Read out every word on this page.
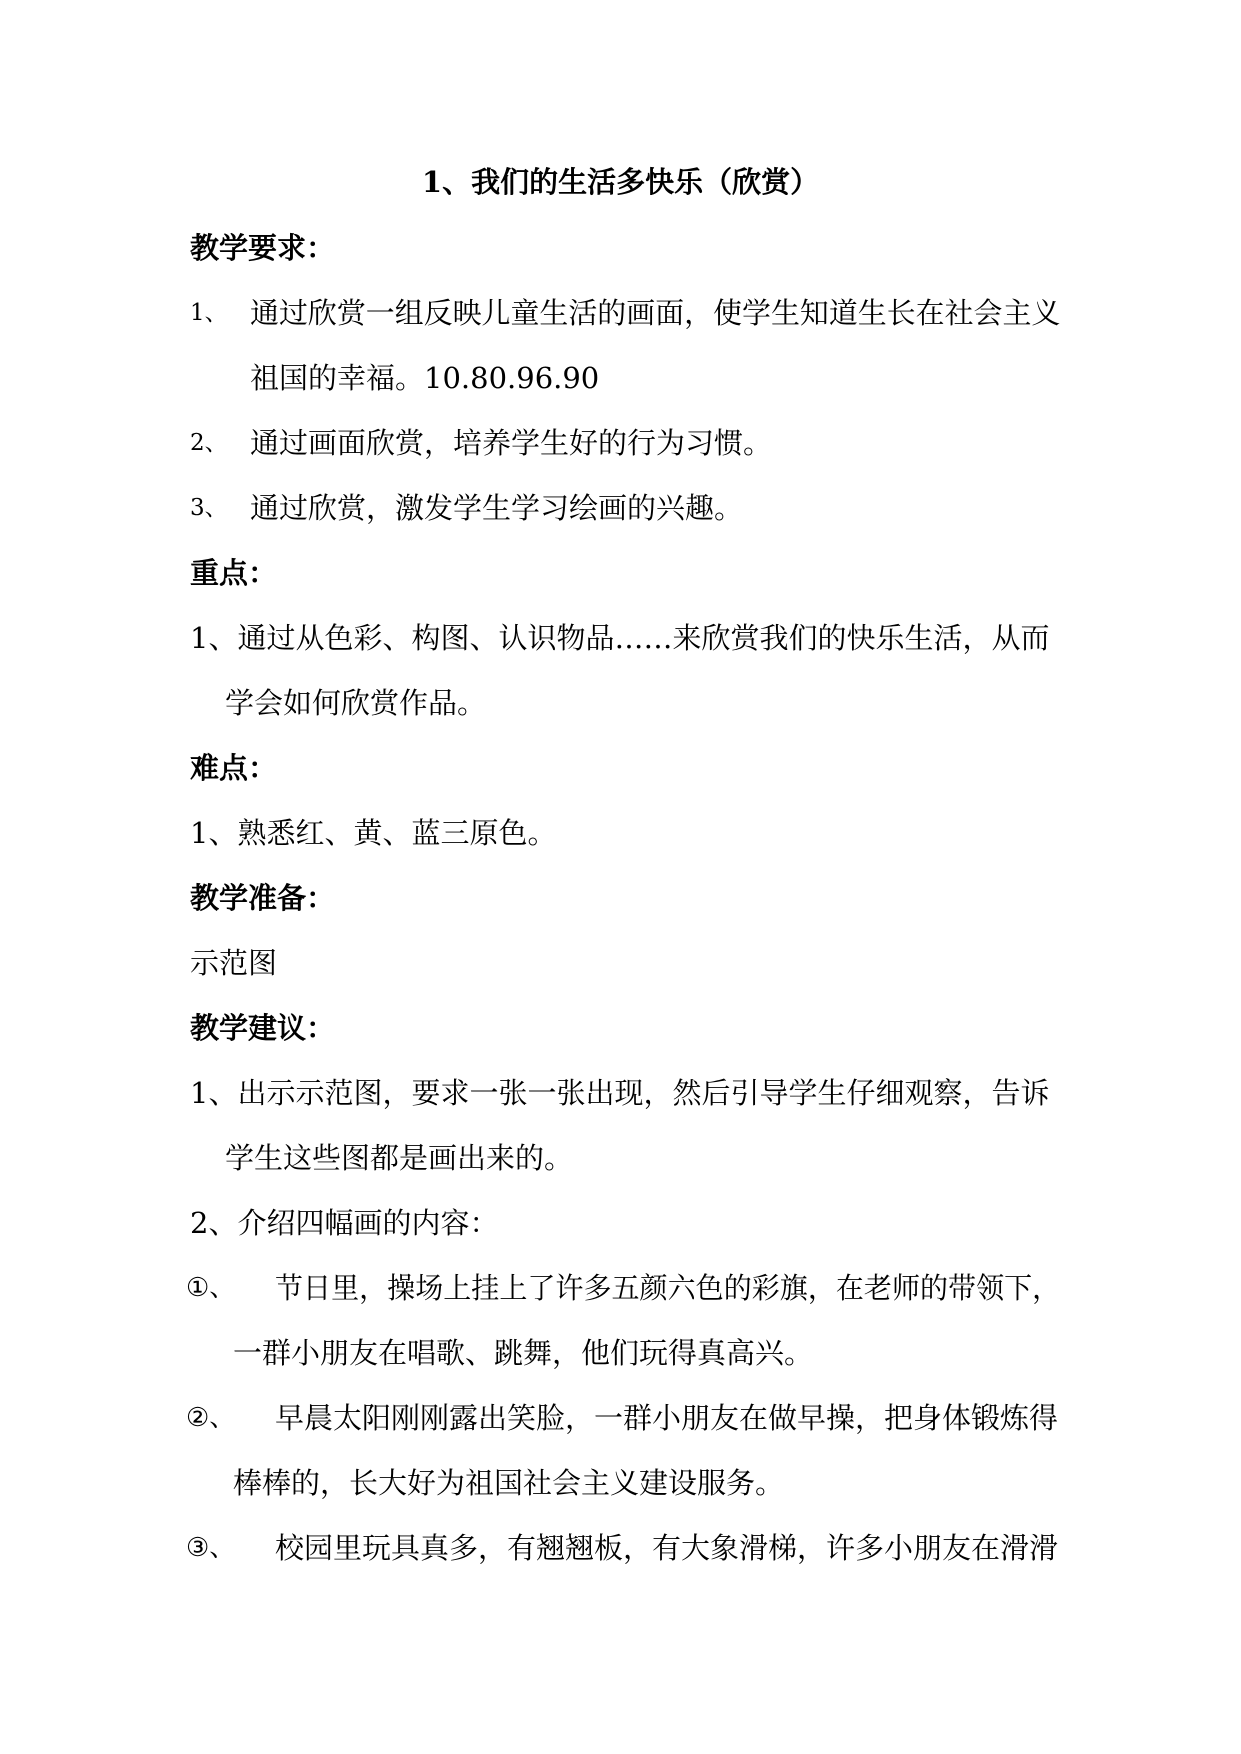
1、我们的生活多快乐（欣赏）
教学要求：
1、 通过欣赏一组反映儿童生活的画面，使学生知道生长在社会主义
祖国的幸福。10.80.96.90
2、 通过画面欣赏，培养学生好的行为习惯。
3、 通过欣赏，激发学生学习绘画的兴趣。
重点：
1、通过从色彩、构图、认识物品……来欣赏我们的快乐生活，从而
学会如何欣赏作品。
难点：
1、熟悉红、黄、蓝三原色。
教学准备：
示范图
教学建议：
1、出示示范图，要求一张一张出现，然后引导学生仔细观察，告诉
学生这些图都是画出来的。
2、介绍四幅画的内容：
①、 节日里，操场上挂上了许多五颜六色的彩旗，在老师的带领下，
一群小朋友在唱歌、跳舞，他们玩得真高兴。
②、 早晨太阳刚刚露出笑脸，一群小朋友在做早操，把身体锻炼得
棒棒的，长大好为祖国社会主义建设服务。
③、 校园里玩具真多，有翘翘板，有大象滑梯，许多小朋友在滑滑
